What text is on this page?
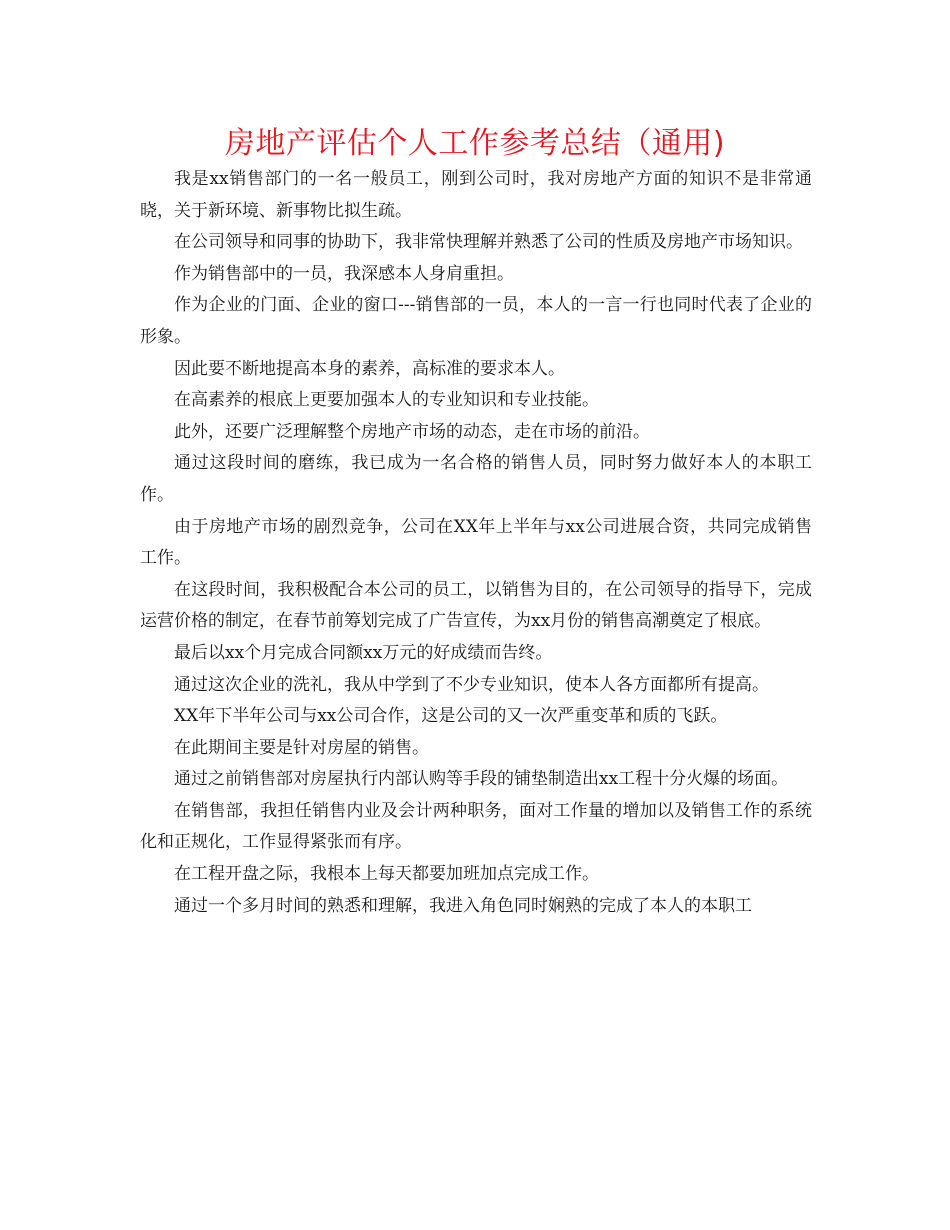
房地产评估个人工作参考总结（通用)

我是xx销售部门的一名一般员工，刚到公司时，我对房地产方面的知识不是非常通晓，关于新环境、新事物比拟生疏。

在公司领导和同事的协助下，我非常快理解并熟悉了公司的性质及房地产市场知识。

作为销售部中的一员，我深感本人身肩重担。

作为企业的门面、企业的窗口---销售部的一员，本人的一言一行也同时代表了企业的形象。

因此要不断地提高本身的素养，高标准的要求本人。

在高素养的根底上更要加强本人的专业知识和专业技能。

此外，还要广泛理解整个房地产市场的动态，走在市场的前沿。

通过这段时间的磨练，我已成为一名合格的销售人员，同时努力做好本人的本职工作。

由于房地产市场的剧烈竞争，公司在XX年上半年与xx公司进展合资，共同完成销售工作。

在这段时间，我积极配合本公司的员工，以销售为目的，在公司领导的指导下，完成运营价格的制定，在春节前筹划完成了广告宣传，为xx月份的销售高潮奠定了根底。

最后以xx个月完成合同额xx万元的好成绩而告终。

通过这次企业的洗礼，我从中学到了不少专业知识，使本人各方面都所有提高。

XX年下半年公司与xx公司合作，这是公司的又一次严重变革和质的飞跃。

在此期间主要是针对房屋的销售。

通过之前销售部对房屋执行内部认购等手段的铺垫制造出xx工程十分火爆的场面。

在销售部，我担任销售内业及会计两种职务，面对工作量的增加以及销售工作的系统化和正规化，工作显得紧张而有序。

在工程开盘之际，我根本上每天都要加班加点完成工作。

通过一个多月时间的熟悉和理解，我进入角色同时娴熟的完成了本人的本职工
